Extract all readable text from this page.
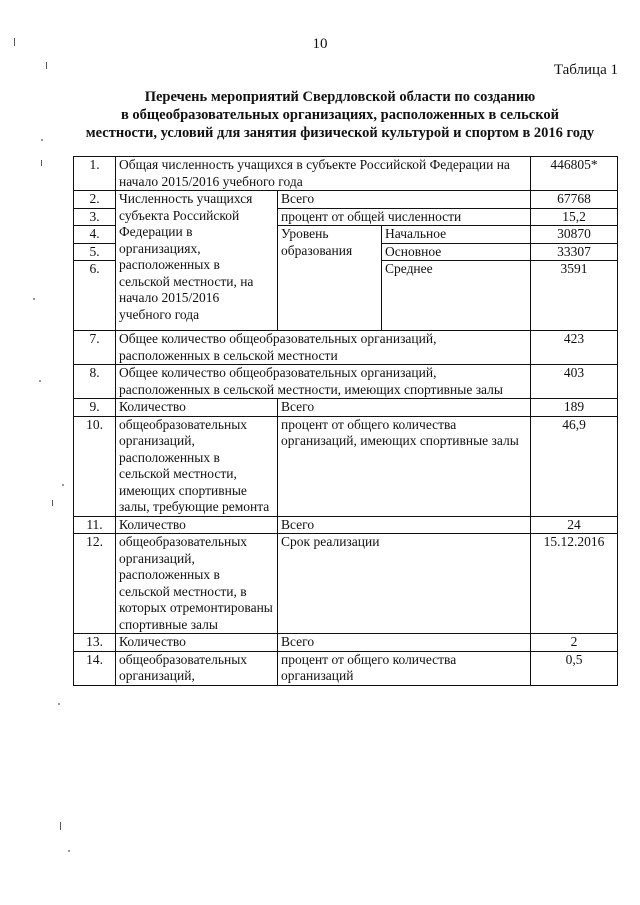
10
Таблица 1
Перечень мероприятий Свердловской области по созданию
в общеобразовательных организациях, расположенных в сельской
местности, условий для занятия физической культурой и спортом в 2016 году
1.	Общая численность учащихся в субъекте Российской Федерации на начало 2015/2016 учебного года			446805*
2.	Численность учащихся субъекта Российской Федерации в организациях, расположенных в сельской местности, на начало 2015/2016 учебного года	Всего		67768
3.		процент от общей численности		15,2
4.		Уровень образования	Начальное	30870
5.			Основное	33307
6.			Среднее	3591
7.	Общее количество общеобразовательных организаций, расположенных в сельской местности			423
8.	Общее количество общеобразовательных организаций, расположенных в сельской местности, имеющих спортивные залы			403
9.	Количество	Всего		189
10.	общеобразовательных организаций, расположенных в сельской местности, имеющих спортивные залы, требующие ремонта	процент от общего количества организаций, имеющих спортивные залы		46,9
11.	Количество	Всего		24
12.	общеобразовательных организаций, расположенных в сельской местности, в которых отремонтированы спортивные залы	Срок реализации		15.12.2016
13.	Количество	Всего		2
14.	общеобразовательных организаций,	процент от общего количества организаций		0,5
